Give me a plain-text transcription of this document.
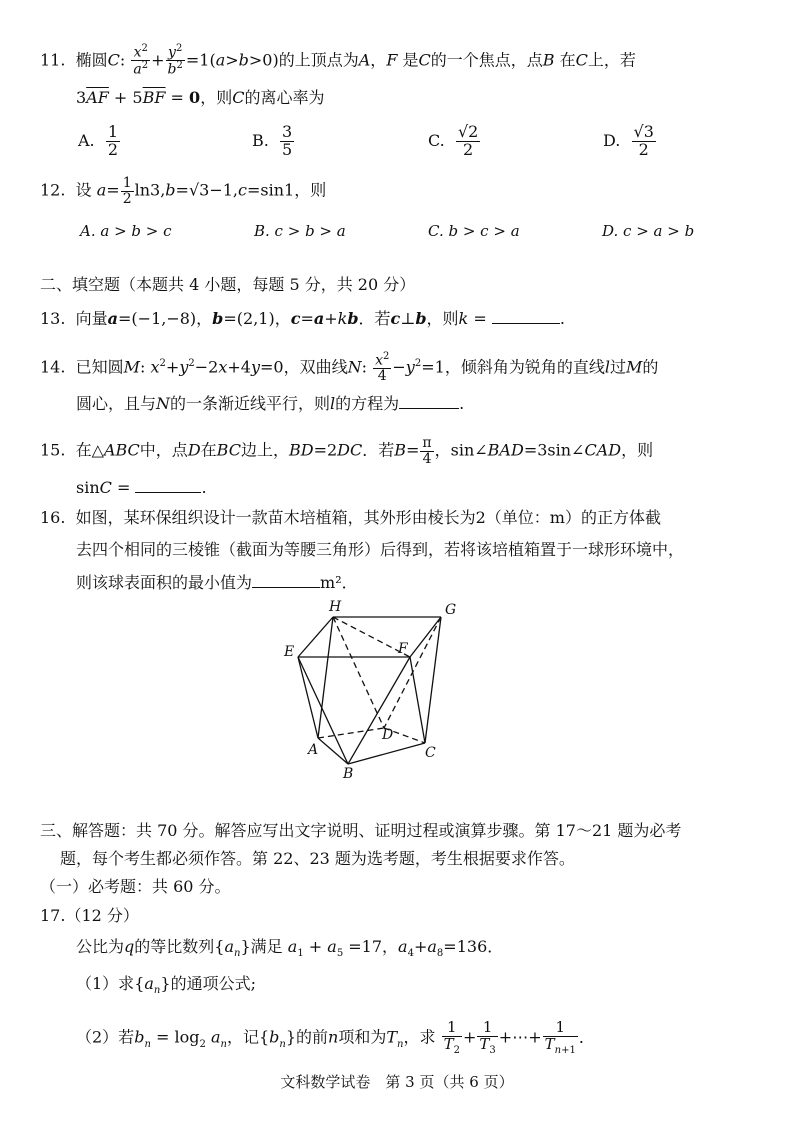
11. 椭圆C: $\frac{x^2}{a^2} + \frac{y^2}{b^2} =1(a>b>0)$的上顶点为A，F 是C的一个焦点，点B 在C上，若
$3\overline{AF} + 5\overline{BF} = 0$，则C的离心率为
A. $\frac{1}{2}$	B. $\frac{3}{5}$	C. $\frac{√2}{2}$	D. $\frac{√3}{2}$
12. 设 $a= \frac{1}{2} \ln 3,b=√3-1,c=\sin 1$，则
A. a > b > c	B. c > b > a	C. b > c > a	D. c > a > b
二、填空题（本题共 4 小题，每题 5 分，共 20 分）
13. 向量a=(−1,−8)，b=(2,1)，c=a+kb．若c⊥b，则k =	.
14. 已知圆M: $x^2+y^2-2x+4y=0$，双曲线N: $\frac{x^2}{4} -y^2=1$，倾斜角为锐角的直线l过M的
圆心，且与N的一条渐近线平行，则l的方程为	.
15. 在△ABC中，点D在BC边上，BD=2DC．若$B= \frac{\pi}{4}$ ，sin∠BAD=3sin∠CAD，则
sinC =	.
16. 如图，某环保组织设计一款苗木培植箱，其外形由棱长为2（单位：m）的正方体截
去四个相同的三棱锥（截面为等腰三角形）后得到，若将该培植箱置于一球形环境中，
则该球表面积的最小值为	m²．
H	G
E	F
D
A	C
B
三、解答题：共 70 分。解答应写出文字说明、证明过程或演算步骤。第 17～21 题为必考
题，每个考生都必须作答。第 22、23 题为选考题，考生根据要求作答。
（一）必考题：共 60 分。
17.（12 分）
公比为q的等比数列$\{a_n\}$满足 $a_1 + a_5 =17$，$a_4+a_8=136$．
（1）求$\{a_n\}$的通项公式;
（2）若$b_n = \log_2 a_n$，记$\{b_n\}$的前n项和为$T_n$，求 $\frac{1}{T_2} + \frac{1}{T_3}$ +⋯+ $\frac{1}{T_{n+1}}$ ．
文科数学试卷　第 3 页（共 6 页）
